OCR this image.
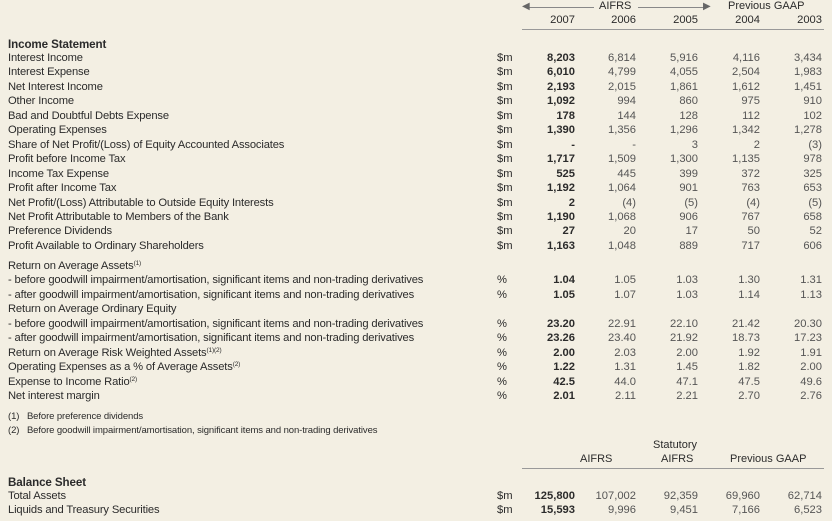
◀	AIFRS	▶ Previous GAAP
2007	2006	2005	2004	2003
Income Statement
Interest Income	$m	8,203	6,814	5,916	4,116	3,434
Interest Expense	$m	6,010	4,799	4,055	2,504	1,983
Net Interest Income	$m	2,193	2,015	1,861	1,612	1,451
Other Income	$m	1,092	994	860	975	910
Bad and Doubtful Debts Expense	$m	178	144	128	112	102
Operating Expenses	$m	1,390	1,356	1,296	1,342	1,278
Share of Net Profit/(Loss) of Equity Accounted Associates	$m	-	-	3	2	(3)
Profit before Income Tax	$m	1,717	1,509	1,300	1,135	978
Income Tax Expense	$m	525	445	399	372	325
Profit after Income Tax	$m	1,192	1,064	901	763	653
Net Profit/(Loss) Attributable to Outside Equity Interests	$m	2	(4)	(5)	(4)	(5)
Net Profit Attributable to Members of the Bank	$m	1,190	1,068	906	767	658
Preference Dividends	$m	27	20	17	50	52
Profit Available to Ordinary Shareholders	$m	1,163	1,048	889	717	606
Return on Average Assets$^{(1)}$
- before goodwill impairment/amortisation, significant items and non-trading derivatives	%	1.04	1.05	1.03	1.30	1.31
- after goodwill impairment/amortisation, significant items and non-trading derivatives	%	1.05	1.07	1.03	1.14	1.13
Return on Average Ordinary Equity
- before goodwill impairment/amortisation, significant items and non-trading derivatives	%	23.20	22.91	22.10	21.42	20.30
- after goodwill impairment/amortisation, significant items and non-trading derivatives	%	23.26	23.40	21.92	18.73	17.23
Return on Average Risk Weighted Assets$^{(1)(2)}$	%	2.00	2.03	2.00	1.92	1.91
Operating Expenses as a % of Average Assets$^{(2)}$	%	1.22	1.31	1.45	1.82	2.00
Expense to Income Ratio$^{(2)}$	%	42.5	44.0	47.1	47.5	49.6
Net interest margin	%	2.01	2.11	2.21	2.70	2.76
(1) Before preference dividends
(2) Before goodwill impairment/amortisation, significant items and non-trading derivatives
AIFRS
Statutory
AIFRS	Previous GAAP
Balance Sheet
Total Assets	$m	125,800	107,002	92,359	69,960	62,714
Liquids and Treasury Securities	$m	15,593	9,996	9,451	7,166	6,523
